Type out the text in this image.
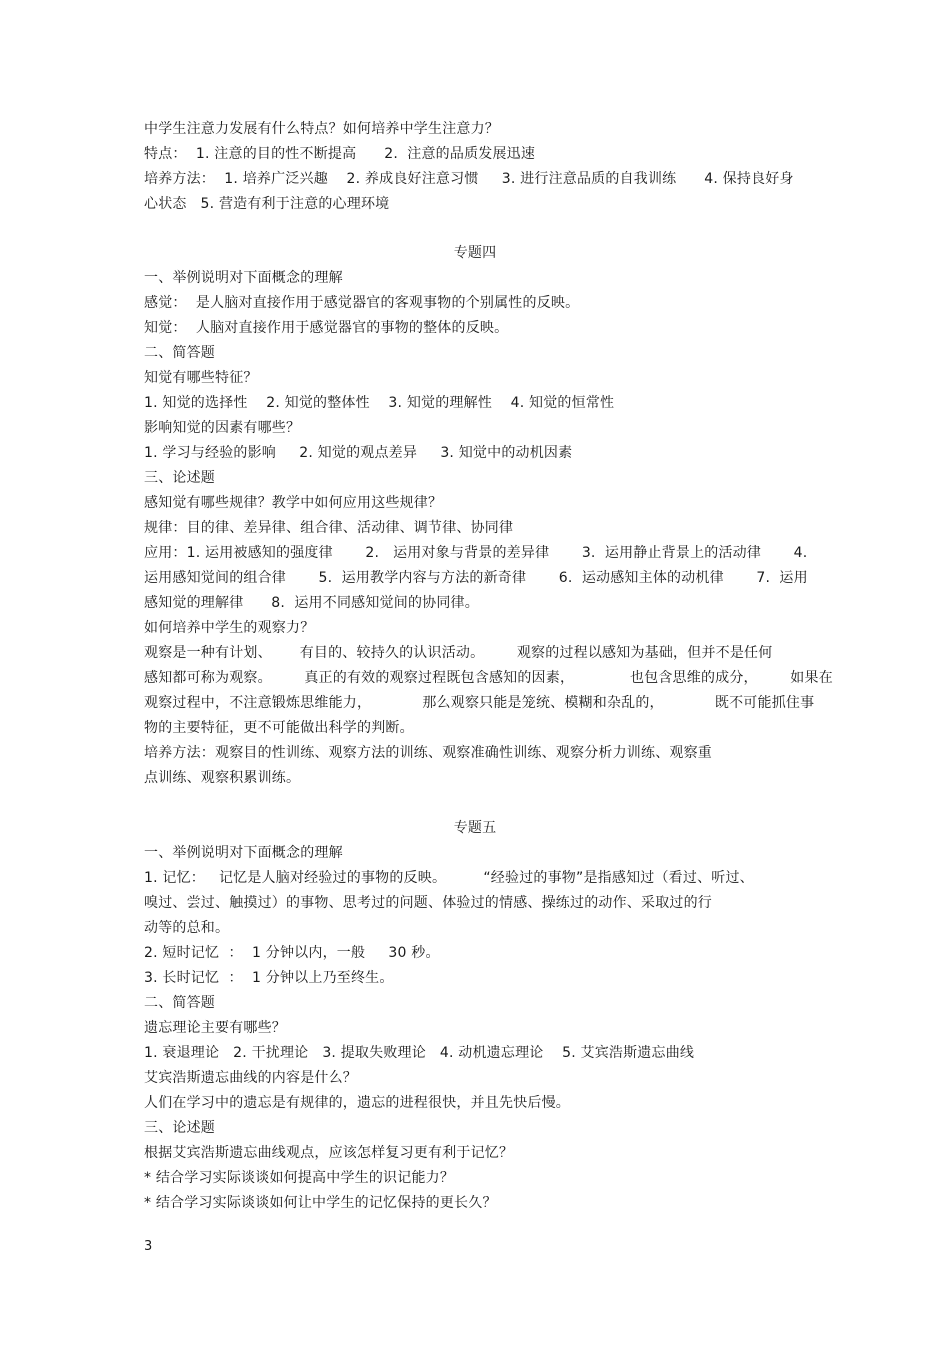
中学生注意力发展有什么特点？如何培养中学生注意力？
特点：  1. 注意的目的性不断提高      2.  注意的品质发展迅速
培养方法：  1. 培养广泛兴趣    2. 养成良好注意习惯     3. 进行注意品质的自我训练      4. 保持良好身
心状态   5. 营造有利于注意的心理环境
专题四
一、举例说明对下面概念的理解
感觉：  是人脑对直接作用于感觉器官的客观事物的个别属性的反映。
知觉：  人脑对直接作用于感觉器官的事物的整体的反映。
二、简答题
知觉有哪些特征？
1. 知觉的选择性    2. 知觉的整体性    3. 知觉的理解性    4. 知觉的恒常性
影响知觉的因素有哪些？
1. 学习与经验的影响     2. 知觉的观点差异     3. 知觉中的动机因素
三、论述题
感知觉有哪些规律？教学中如何应用这些规律？
规律：目的律、差异律、组合律、活动律、调节律、协同律
应用：1. 运用被感知的强度律       2.   运用对象与背景的差异律       3.  运用静止背景上的活动律       4.
运用感知觉间的组合律       5.  运用教学内容与方法的新奇律       6.  运动感知主体的动机律       7.  运用
感知觉的理解律      8.  运用不同感知觉间的协同律。
如何培养中学生的观察力？
观察是一种有计划、      有目的、较持久的认识活动。       观察的过程以感知为基础，但并不是任何
感知都可称为观察。       真正的有效的观察过程既包含感知的因素，            也包含思维的成分，       如果在
观察过程中，不注意锻炼思维能力，           那么观察只能是笼统、模糊和杂乱的，           既不可能抓住事
物的主要特征，更不可能做出科学的判断。
培养方法：观察目的性训练、观察方法的训练、观察准确性训练、观察分析力训练、观察重
点训练、观察积累训练。
专题五
一、举例说明对下面概念的理解
1. 记忆：   记忆是人脑对经验过的事物的反映。        “经验过的事物”是指感知过（看过、听过、
嗅过、尝过、触摸过）的事物、思考过的问题、体验过的情感、操练过的动作、采取过的行
动等的总和。
2. 短时记忆  ：  1 分钟以内，一般     30 秒。
3. 长时记忆  ：  1 分钟以上乃至终生。
二、简答题
遗忘理论主要有哪些？
1. 衰退理论   2. 干扰理论   3. 提取失败理论   4. 动机遗忘理论    5. 艾宾浩斯遗忘曲线
艾宾浩斯遗忘曲线的内容是什么？
人们在学习中的遗忘是有规律的，遗忘的进程很快，并且先快后慢。
三、论述题
根据艾宾浩斯遗忘曲线观点，应该怎样复习更有利于记忆？
* 结合学习实际谈谈如何提高中学生的识记能力？
* 结合学习实际谈谈如何让中学生的记忆保持的更长久？
3
